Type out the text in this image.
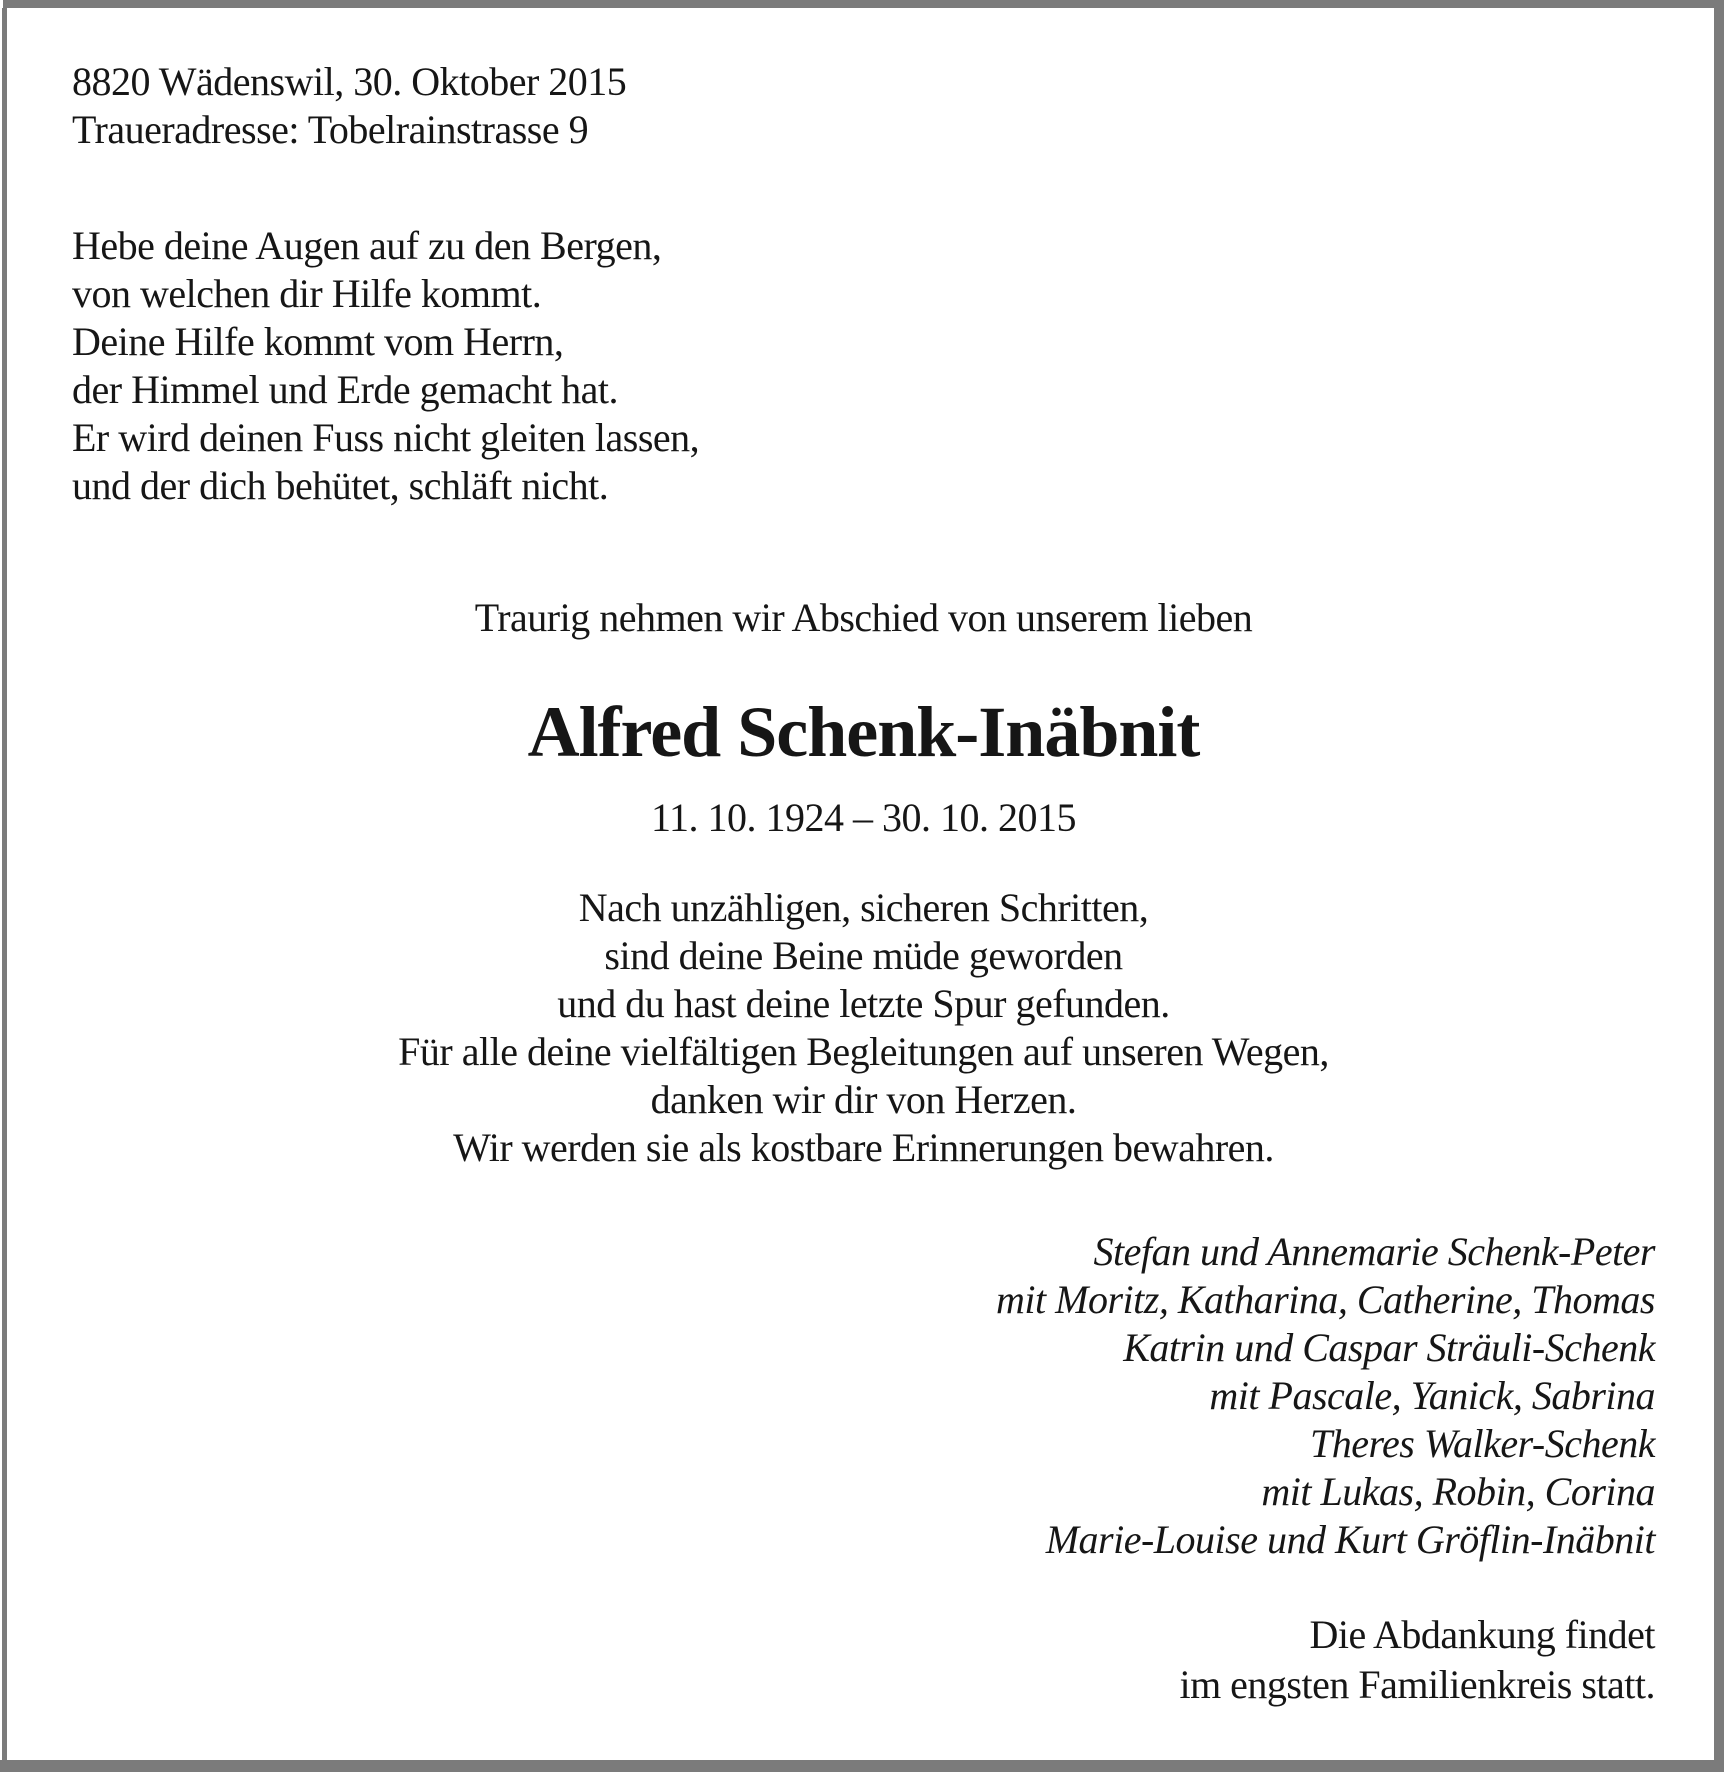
8820 Wädenswil, 30. Oktober 2015
Traueradresse: Tobelrainstrasse 9
Hebe deine Augen auf zu den Bergen,
von welchen dir Hilfe kommt.
Deine Hilfe kommt vom Herrn,
der Himmel und Erde gemacht hat.
Er wird deinen Fuss nicht gleiten lassen,
und der dich behütet, schläft nicht.
Traurig nehmen wir Abschied von unserem lieben
Alfred Schenk-Inäbnit
11. 10. 1924 – 30. 10. 2015
Nach unzähligen, sicheren Schritten,
sind deine Beine müde geworden
und du hast deine letzte Spur gefunden.
Für alle deine vielfältigen Begleitungen auf unseren Wegen,
danken wir dir von Herzen.
Wir werden sie als kostbare Erinnerungen bewahren.
Stefan und Annemarie Schenk-Peter
mit Moritz, Katharina, Catherine, Thomas
Katrin und Caspar Sträuli-Schenk
mit Pascale, Yanick, Sabrina
Theres Walker-Schenk
mit Lukas, Robin, Corina
Marie-Louise und Kurt Gröflin-Inäbnit
Die Abdankung findet
im engsten Familienkreis statt.
